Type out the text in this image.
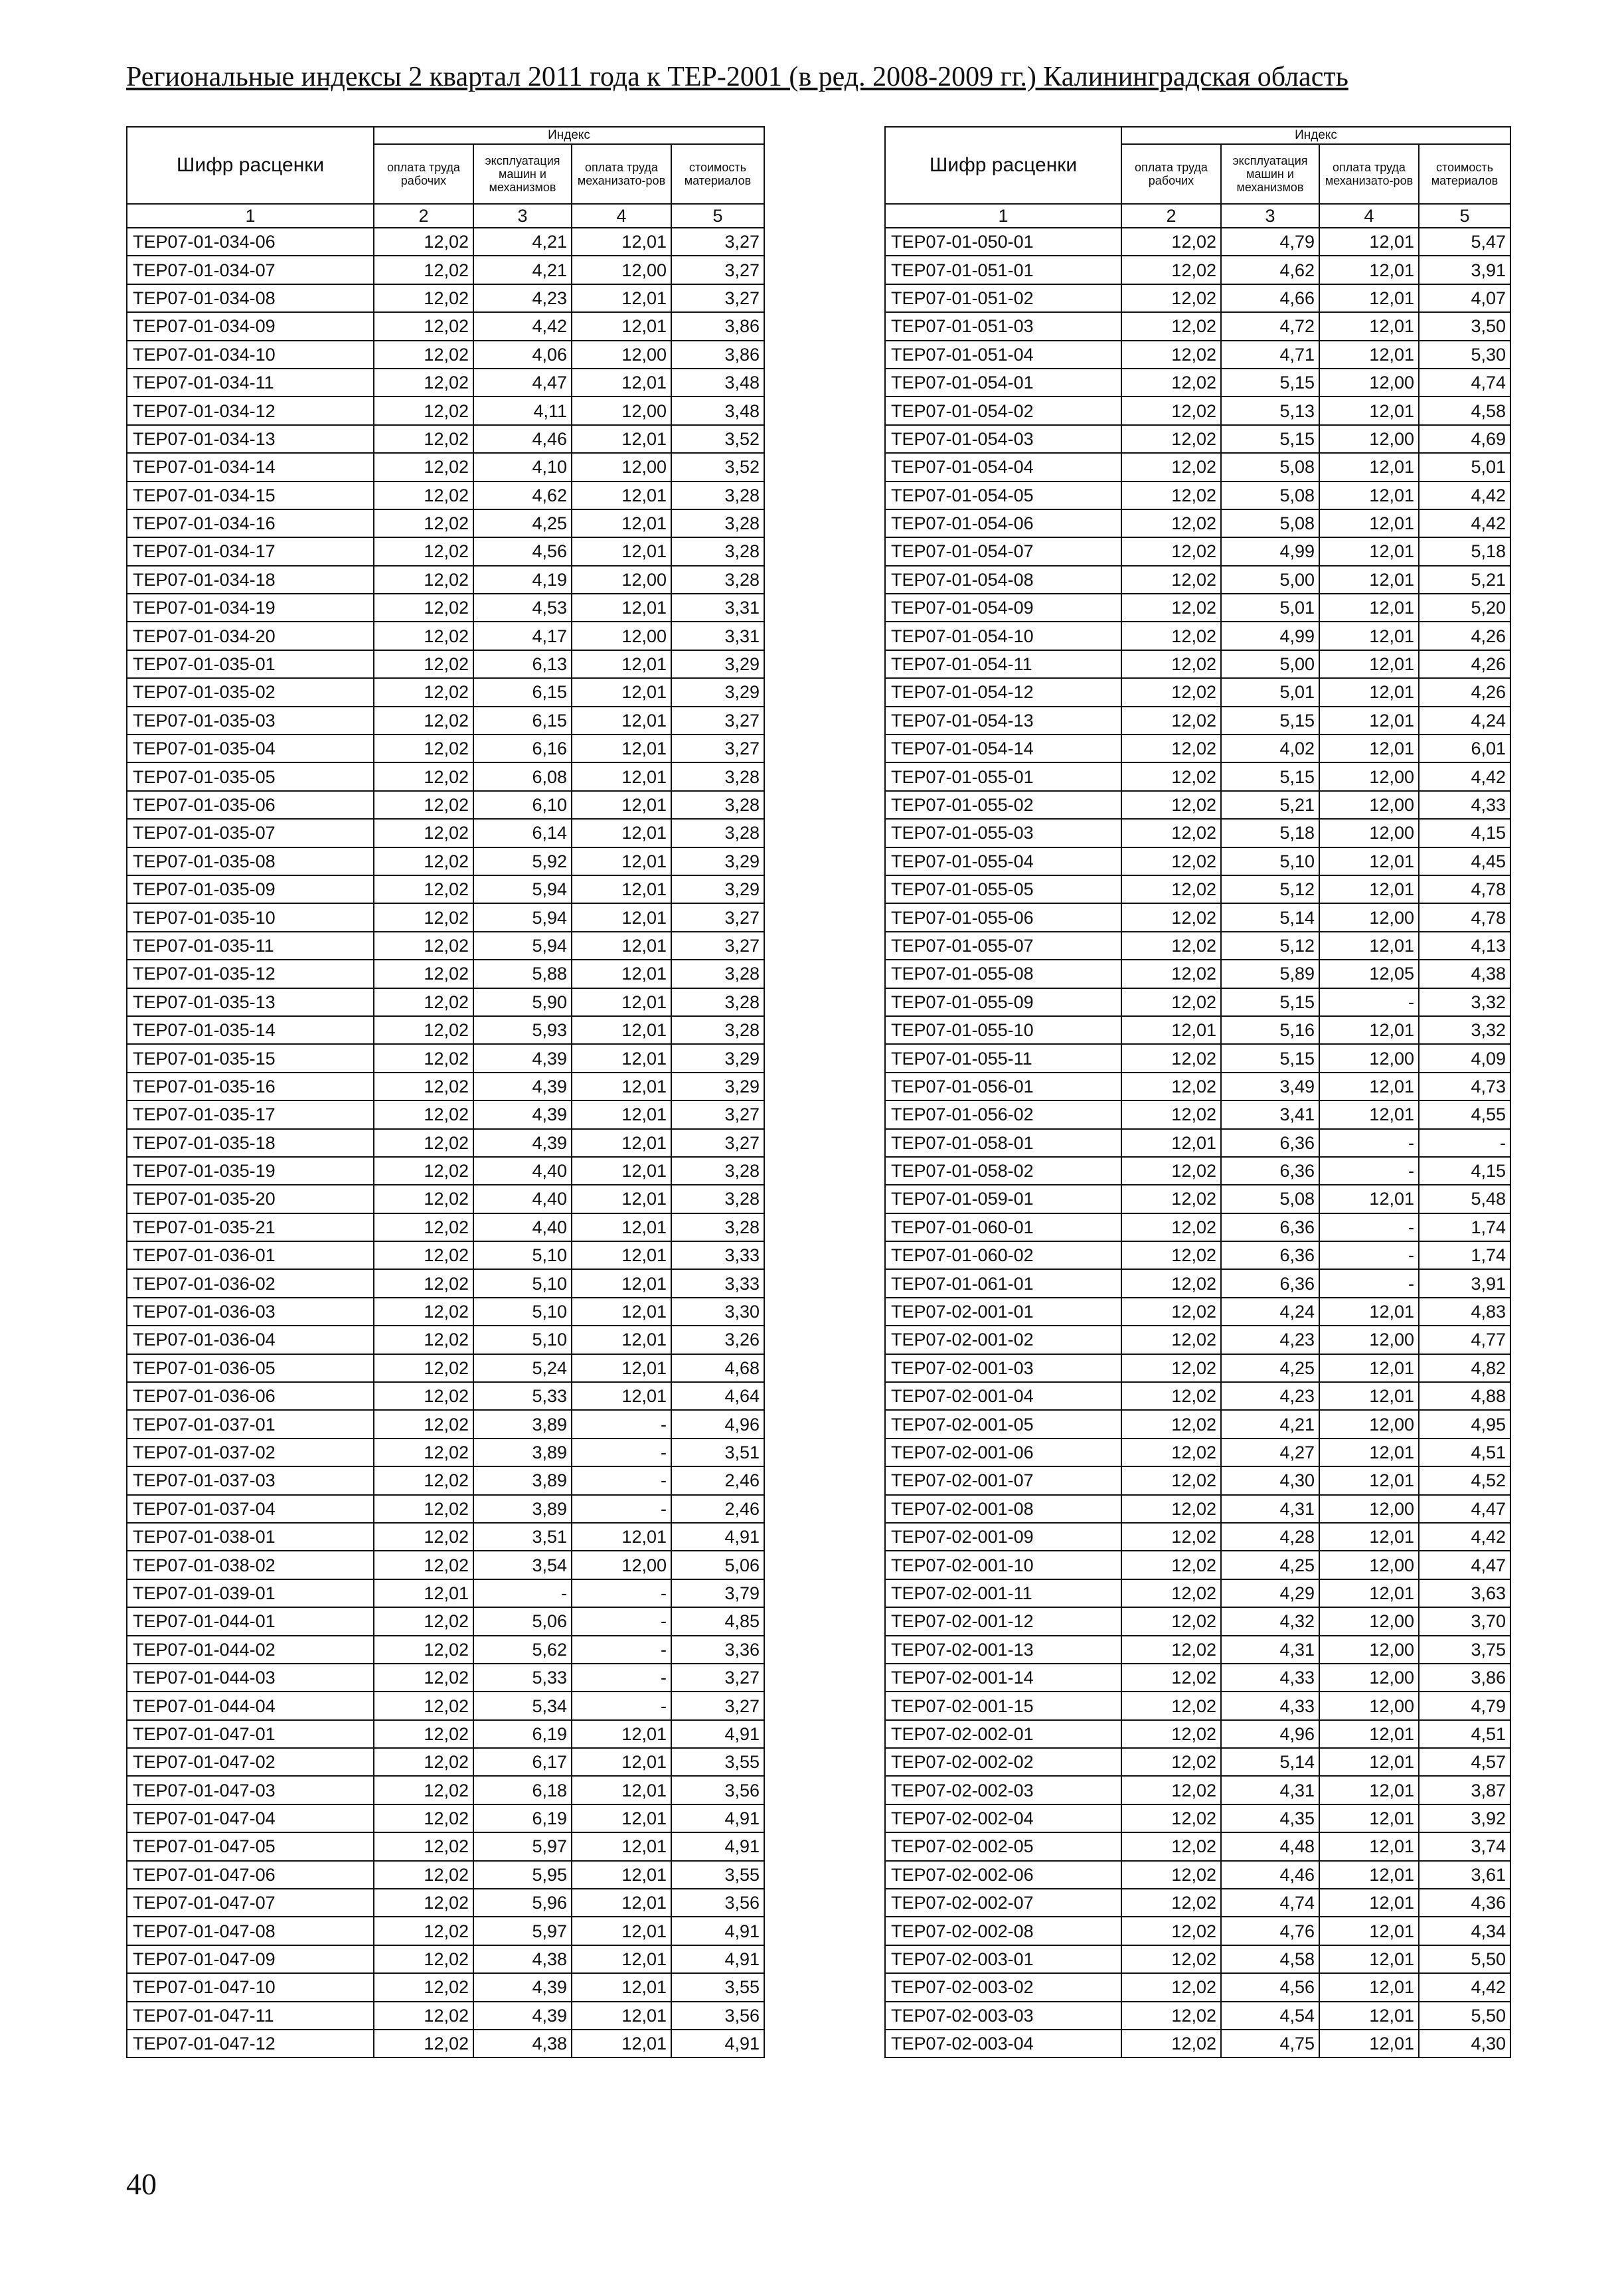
Региональные индексы 2 квартал 2011 года к ТЕР-2001 (в ред. 2008-2009 гг.) Калининградская область
Шифр расценки	Индекс			
	оплата труда рабочих	эксплуатация машин и механизмов	оплата труда механизато-ров	стоимость материалов
1	2	3	4	5
ТЕР07-01-034-06	12,02	4,21	12,01	3,27
ТЕР07-01-034-07	12,02	4,21	12,00	3,27
ТЕР07-01-034-08	12,02	4,23	12,01	3,27
ТЕР07-01-034-09	12,02	4,42	12,01	3,86
ТЕР07-01-034-10	12,02	4,06	12,00	3,86
ТЕР07-01-034-11	12,02	4,47	12,01	3,48
ТЕР07-01-034-12	12,02	4,11	12,00	3,48
ТЕР07-01-034-13	12,02	4,46	12,01	3,52
ТЕР07-01-034-14	12,02	4,10	12,00	3,52
ТЕР07-01-034-15	12,02	4,62	12,01	3,28
ТЕР07-01-034-16	12,02	4,25	12,01	3,28
ТЕР07-01-034-17	12,02	4,56	12,01	3,28
ТЕР07-01-034-18	12,02	4,19	12,00	3,28
ТЕР07-01-034-19	12,02	4,53	12,01	3,31
ТЕР07-01-034-20	12,02	4,17	12,00	3,31
ТЕР07-01-035-01	12,02	6,13	12,01	3,29
ТЕР07-01-035-02	12,02	6,15	12,01	3,29
ТЕР07-01-035-03	12,02	6,15	12,01	3,27
ТЕР07-01-035-04	12,02	6,16	12,01	3,27
ТЕР07-01-035-05	12,02	6,08	12,01	3,28
ТЕР07-01-035-06	12,02	6,10	12,01	3,28
ТЕР07-01-035-07	12,02	6,14	12,01	3,28
ТЕР07-01-035-08	12,02	5,92	12,01	3,29
ТЕР07-01-035-09	12,02	5,94	12,01	3,29
ТЕР07-01-035-10	12,02	5,94	12,01	3,27
ТЕР07-01-035-11	12,02	5,94	12,01	3,27
ТЕР07-01-035-12	12,02	5,88	12,01	3,28
ТЕР07-01-035-13	12,02	5,90	12,01	3,28
ТЕР07-01-035-14	12,02	5,93	12,01	3,28
ТЕР07-01-035-15	12,02	4,39	12,01	3,29
ТЕР07-01-035-16	12,02	4,39	12,01	3,29
ТЕР07-01-035-17	12,02	4,39	12,01	3,27
ТЕР07-01-035-18	12,02	4,39	12,01	3,27
ТЕР07-01-035-19	12,02	4,40	12,01	3,28
ТЕР07-01-035-20	12,02	4,40	12,01	3,28
ТЕР07-01-035-21	12,02	4,40	12,01	3,28
ТЕР07-01-036-01	12,02	5,10	12,01	3,33
ТЕР07-01-036-02	12,02	5,10	12,01	3,33
ТЕР07-01-036-03	12,02	5,10	12,01	3,30
ТЕР07-01-036-04	12,02	5,10	12,01	3,26
ТЕР07-01-036-05	12,02	5,24	12,01	4,68
ТЕР07-01-036-06	12,02	5,33	12,01	4,64
ТЕР07-01-037-01	12,02	3,89	-	4,96
ТЕР07-01-037-02	12,02	3,89	-	3,51
ТЕР07-01-037-03	12,02	3,89	-	2,46
ТЕР07-01-037-04	12,02	3,89	-	2,46
ТЕР07-01-038-01	12,02	3,51	12,01	4,91
ТЕР07-01-038-02	12,02	3,54	12,00	5,06
ТЕР07-01-039-01	12,01	-	-	3,79
ТЕР07-01-044-01	12,02	5,06	-	4,85
ТЕР07-01-044-02	12,02	5,62	-	3,36
ТЕР07-01-044-03	12,02	5,33	-	3,27
ТЕР07-01-044-04	12,02	5,34	-	3,27
ТЕР07-01-047-01	12,02	6,19	12,01	4,91
ТЕР07-01-047-02	12,02	6,17	12,01	3,55
ТЕР07-01-047-03	12,02	6,18	12,01	3,56
ТЕР07-01-047-04	12,02	6,19	12,01	4,91
ТЕР07-01-047-05	12,02	5,97	12,01	4,91
ТЕР07-01-047-06	12,02	5,95	12,01	3,55
ТЕР07-01-047-07	12,02	5,96	12,01	3,56
ТЕР07-01-047-08	12,02	5,97	12,01	4,91
ТЕР07-01-047-09	12,02	4,38	12,01	4,91
ТЕР07-01-047-10	12,02	4,39	12,01	3,55
ТЕР07-01-047-11	12,02	4,39	12,01	3,56
ТЕР07-01-047-12	12,02	4,38	12,01	4,91
Шифр расценки	Индекс			
	оплата труда рабочих	эксплуатация машин и механизмов	оплата труда механизато-ров	стоимость материалов
1	2	3	4	5
ТЕР07-01-050-01	12,02	4,79	12,01	5,47
ТЕР07-01-051-01	12,02	4,62	12,01	3,91
ТЕР07-01-051-02	12,02	4,66	12,01	4,07
ТЕР07-01-051-03	12,02	4,72	12,01	3,50
ТЕР07-01-051-04	12,02	4,71	12,01	5,30
ТЕР07-01-054-01	12,02	5,15	12,00	4,74
ТЕР07-01-054-02	12,02	5,13	12,01	4,58
ТЕР07-01-054-03	12,02	5,15	12,00	4,69
ТЕР07-01-054-04	12,02	5,08	12,01	5,01
ТЕР07-01-054-05	12,02	5,08	12,01	4,42
ТЕР07-01-054-06	12,02	5,08	12,01	4,42
ТЕР07-01-054-07	12,02	4,99	12,01	5,18
ТЕР07-01-054-08	12,02	5,00	12,01	5,21
ТЕР07-01-054-09	12,02	5,01	12,01	5,20
ТЕР07-01-054-10	12,02	4,99	12,01	4,26
ТЕР07-01-054-11	12,02	5,00	12,01	4,26
ТЕР07-01-054-12	12,02	5,01	12,01	4,26
ТЕР07-01-054-13	12,02	5,15	12,01	4,24
ТЕР07-01-054-14	12,02	4,02	12,01	6,01
ТЕР07-01-055-01	12,02	5,15	12,00	4,42
ТЕР07-01-055-02	12,02	5,21	12,00	4,33
ТЕР07-01-055-03	12,02	5,18	12,00	4,15
ТЕР07-01-055-04	12,02	5,10	12,01	4,45
ТЕР07-01-055-05	12,02	5,12	12,01	4,78
ТЕР07-01-055-06	12,02	5,14	12,00	4,78
ТЕР07-01-055-07	12,02	5,12	12,01	4,13
ТЕР07-01-055-08	12,02	5,89	12,05	4,38
ТЕР07-01-055-09	12,02	5,15	-	3,32
ТЕР07-01-055-10	12,01	5,16	12,01	3,32
ТЕР07-01-055-11	12,02	5,15	12,00	4,09
ТЕР07-01-056-01	12,02	3,49	12,01	4,73
ТЕР07-01-056-02	12,02	3,41	12,01	4,55
ТЕР07-01-058-01	12,01	6,36	-	-
ТЕР07-01-058-02	12,02	6,36	-	4,15
ТЕР07-01-059-01	12,02	5,08	12,01	5,48
ТЕР07-01-060-01	12,02	6,36	-	1,74
ТЕР07-01-060-02	12,02	6,36	-	1,74
ТЕР07-01-061-01	12,02	6,36	-	3,91
ТЕР07-02-001-01	12,02	4,24	12,01	4,83
ТЕР07-02-001-02	12,02	4,23	12,00	4,77
ТЕР07-02-001-03	12,02	4,25	12,01	4,82
ТЕР07-02-001-04	12,02	4,23	12,01	4,88
ТЕР07-02-001-05	12,02	4,21	12,00	4,95
ТЕР07-02-001-06	12,02	4,27	12,01	4,51
ТЕР07-02-001-07	12,02	4,30	12,01	4,52
ТЕР07-02-001-08	12,02	4,31	12,00	4,47
ТЕР07-02-001-09	12,02	4,28	12,01	4,42
ТЕР07-02-001-10	12,02	4,25	12,00	4,47
ТЕР07-02-001-11	12,02	4,29	12,01	3,63
ТЕР07-02-001-12	12,02	4,32	12,00	3,70
ТЕР07-02-001-13	12,02	4,31	12,00	3,75
ТЕР07-02-001-14	12,02	4,33	12,00	3,86
ТЕР07-02-001-15	12,02	4,33	12,00	4,79
ТЕР07-02-002-01	12,02	4,96	12,01	4,51
ТЕР07-02-002-02	12,02	5,14	12,01	4,57
ТЕР07-02-002-03	12,02	4,31	12,01	3,87
ТЕР07-02-002-04	12,02	4,35	12,01	3,92
ТЕР07-02-002-05	12,02	4,48	12,01	3,74
ТЕР07-02-002-06	12,02	4,46	12,01	3,61
ТЕР07-02-002-07	12,02	4,74	12,01	4,36
ТЕР07-02-002-08	12,02	4,76	12,01	4,34
ТЕР07-02-003-01	12,02	4,58	12,01	5,50
ТЕР07-02-003-02	12,02	4,56	12,01	4,42
ТЕР07-02-003-03	12,02	4,54	12,01	5,50
ТЕР07-02-003-04	12,02	4,75	12,01	4,30
40
